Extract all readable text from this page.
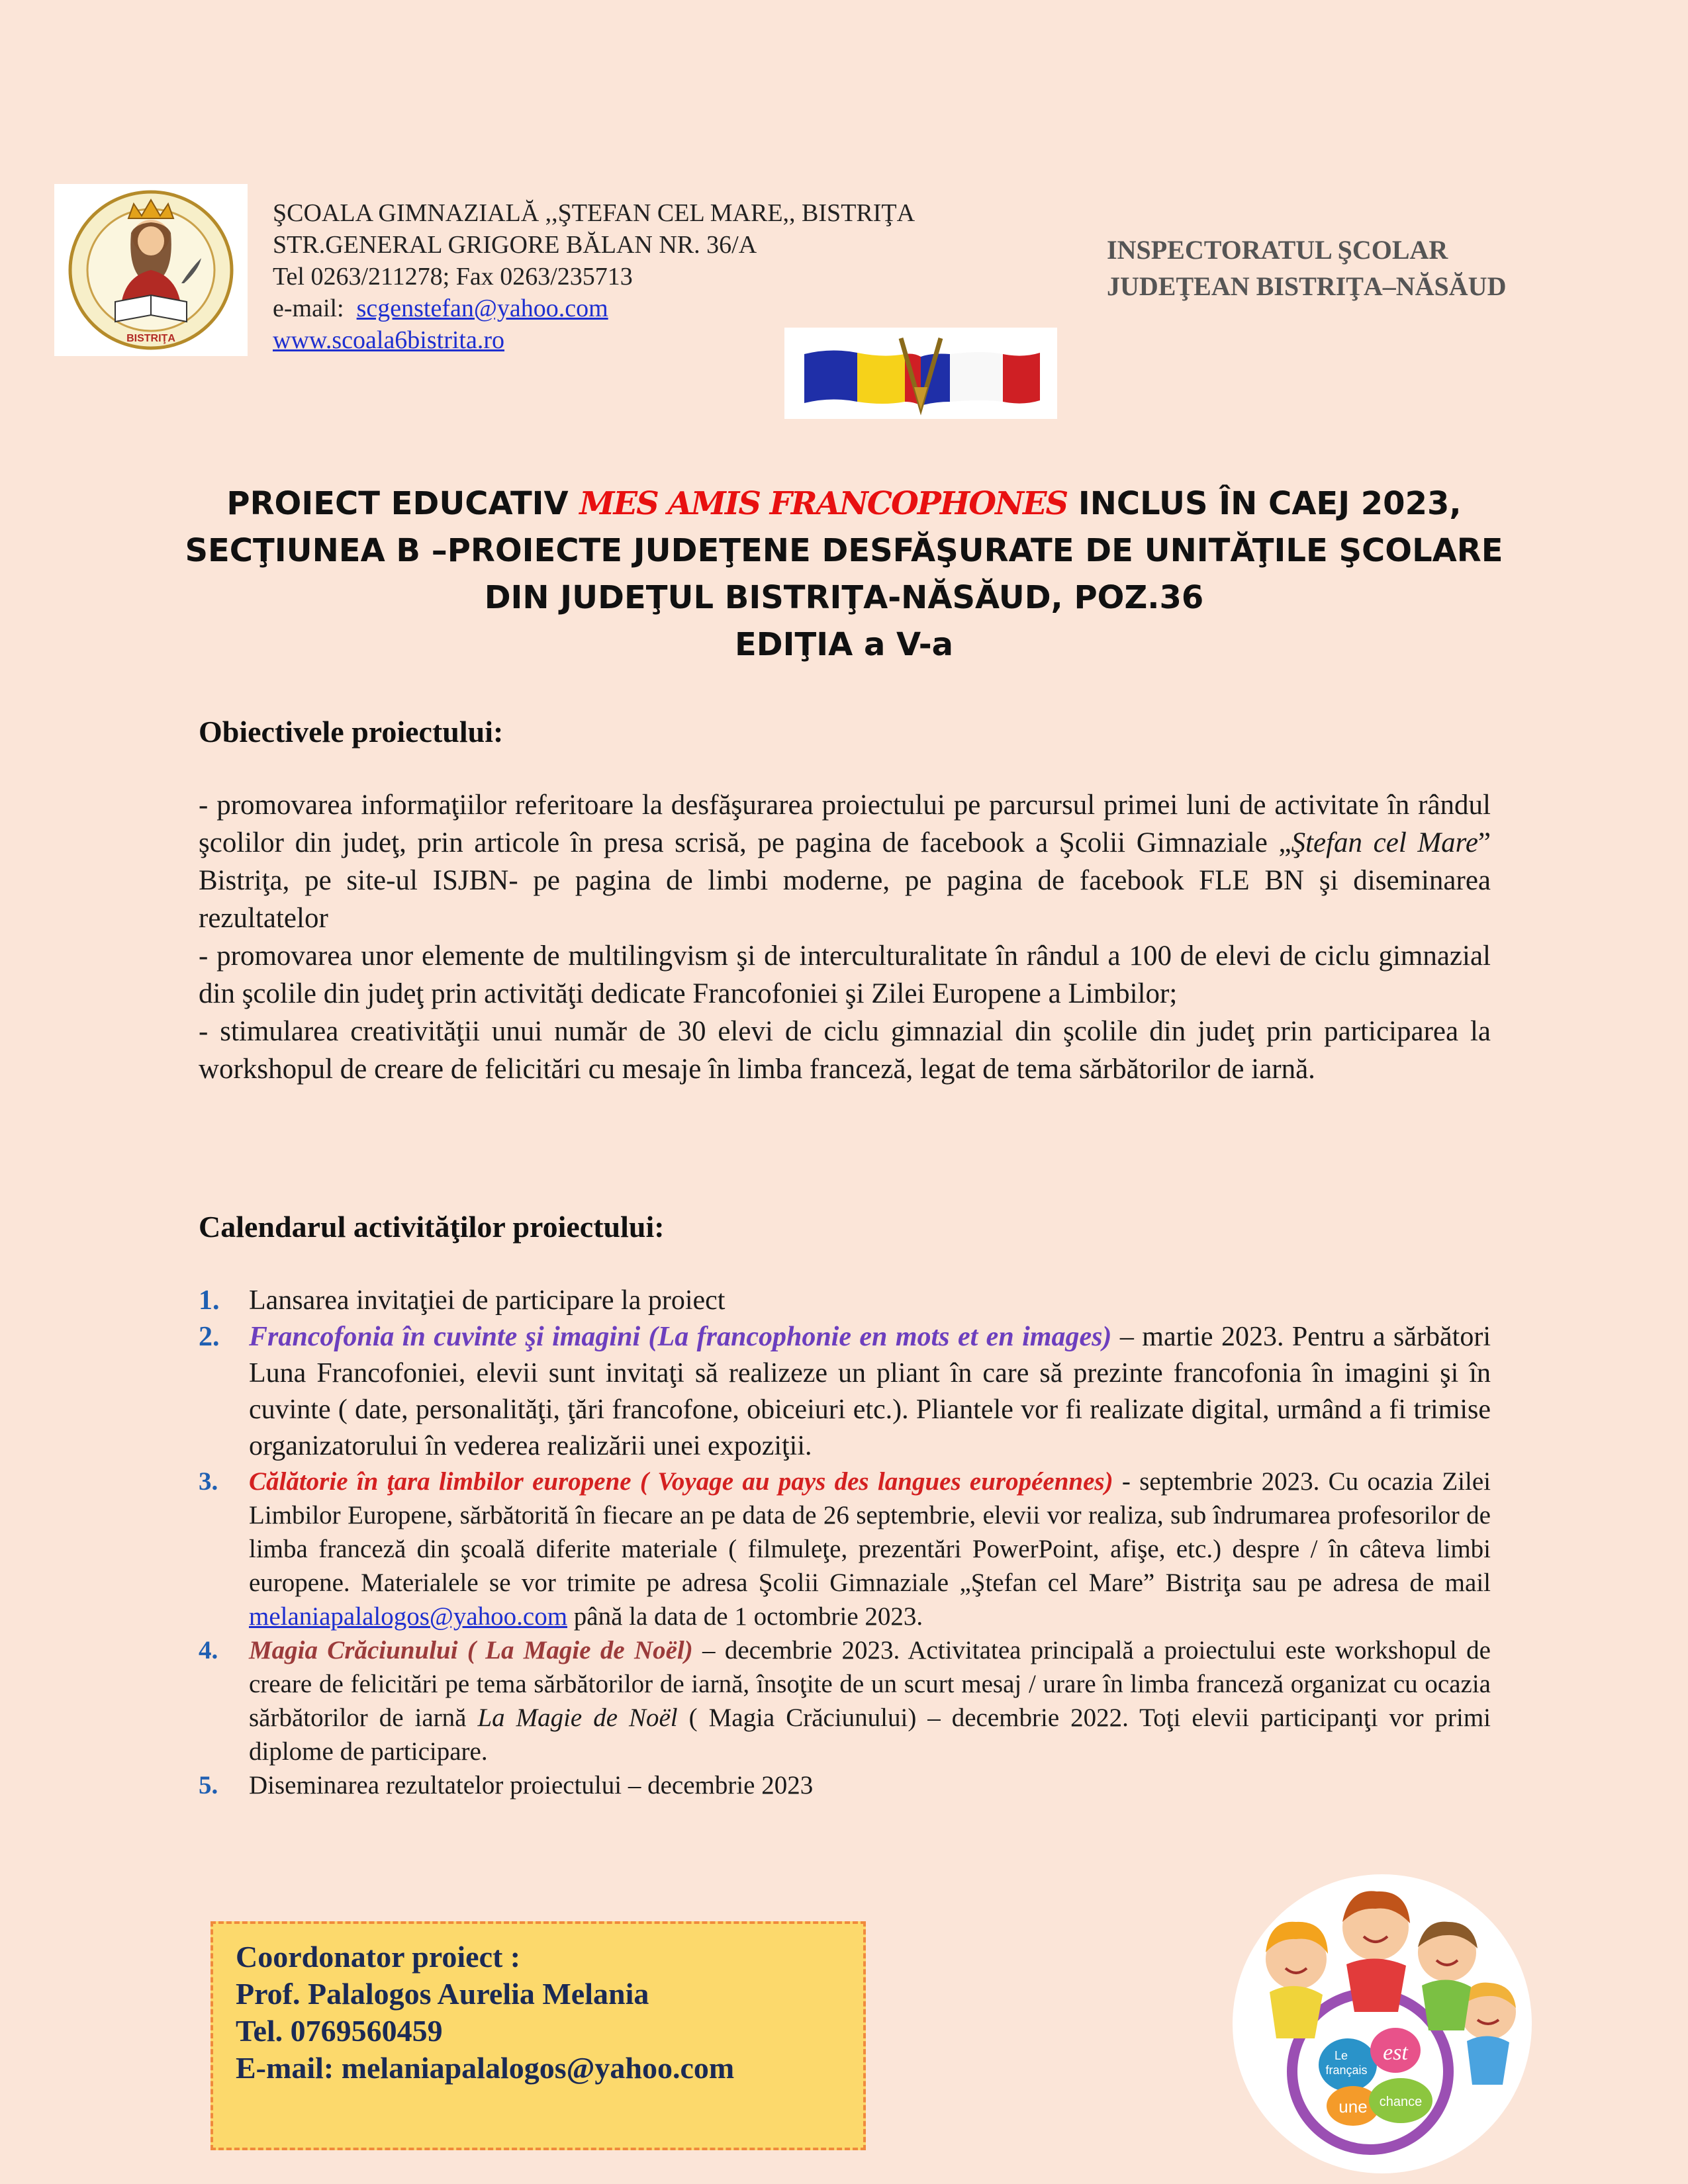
BISTRIŢA
ŞCOALA GIMNAZIALĂ ,,ŞTEFAN CEL MARE,, BISTRIŢA
STR.GENERAL GRIGORE BĂLAN NR. 36/A
Tel 0263/211278; Fax 0263/235713
e-mail: scgenstefan@yahoo.com
www.scoala6bistrita.ro
INSPECTORATUL ŞCOLAR
JUDEŢEAN BISTRIŢA–NĂSĂUD
PROIECT EDUCATIV MES AMIS FRANCOPHONES INCLUS ÎN CAEJ 2023, SECŢIUNEA B –PROIECTE JUDEŢENE DESFĂŞURATE DE UNITĂŢILE ŞCOLARE DIN JUDEŢUL BISTRIŢA-NĂSĂUD, POZ.36
EDIŢIA a V-a
Obiectivele proiectului:

- promovarea informaţiilor referitoare la desfăşurarea proiectului pe parcursul primei luni de activitate în rândul şcolilor din judeţ, prin articole în presa scrisă, pe pagina de facebook a Şcolii Gimnaziale „Ştefan cel Mare” Bistriţa, pe site-ul ISJBN- pe pagina de limbi moderne, pe pagina de facebook FLE BN şi diseminarea rezultatelor

- promovarea unor elemente de multilingvism şi de interculturalitate în rândul a 100 de elevi de ciclu gimnazial din şcolile din judeţ prin activităţi dedicate Francofoniei şi Zilei Europene a Limbilor;

- stimularea creativităţii unui număr de 30 elevi de ciclu gimnazial din şcolile din judeţ prin participarea la workshopul de creare de felicitări cu mesaje în limba franceză, legat de tema sărbătorilor de iarnă.

Calendarul activităţilor proiectului:
1. Lansarea invitaţiei de participare la proiect
2. Francofonia în cuvinte şi imagini (La francophonie en mots et en images) – martie 2023. Pentru a sărbători Luna Francofoniei, elevii sunt invitaţi să realizeze un pliant în care să prezinte francofonia în imagini şi în cuvinte ( date, personalităţi, ţări francofone, obiceiuri etc.). Pliantele vor fi realizate digital, urmând a fi trimise organizatorului în vederea realizării unei expoziţii.
3. Călătorie în ţara limbilor europene ( Voyage au pays des langues européennes) - septembrie 2023. Cu ocazia Zilei Limbilor Europene, sărbătorită în fiecare an pe data de 26 septembrie, elevii vor realiza, sub îndrumarea profesorilor de limba franceză din şcoală diferite materiale ( filmuleţe, prezentări PowerPoint, afişe, etc.) despre / în câteva limbi europene. Materialele se vor trimite pe adresa Şcolii Gimnaziale „Ştefan cel Mare” Bistriţa sau pe adresa de mail melaniapalalogos@yahoo.com până la data de 1 octombrie 2023.
4. Magia Crăciunului ( La Magie de Noël) – decembrie 2023. Activitatea principală a proiectului este workshopul de creare de felicitări pe tema sărbătorilor de iarnă, însoţite de un scurt mesaj / urare în limba franceză organizat cu ocazia sărbătorilor de iarnă La Magie de Noël ( Magia Crăciunului) – decembrie 2022. Toţi elevii participanţi vor primi diplome de participare.
5. Diseminarea rezultatelor proiectului – decembrie 2023
Coordonator proiect :
Prof. Palalogos Aurelia Melania
Tel. 0769560459
E-mail: melaniapalalogos@yahoo.com	Le
français
est
une chance
